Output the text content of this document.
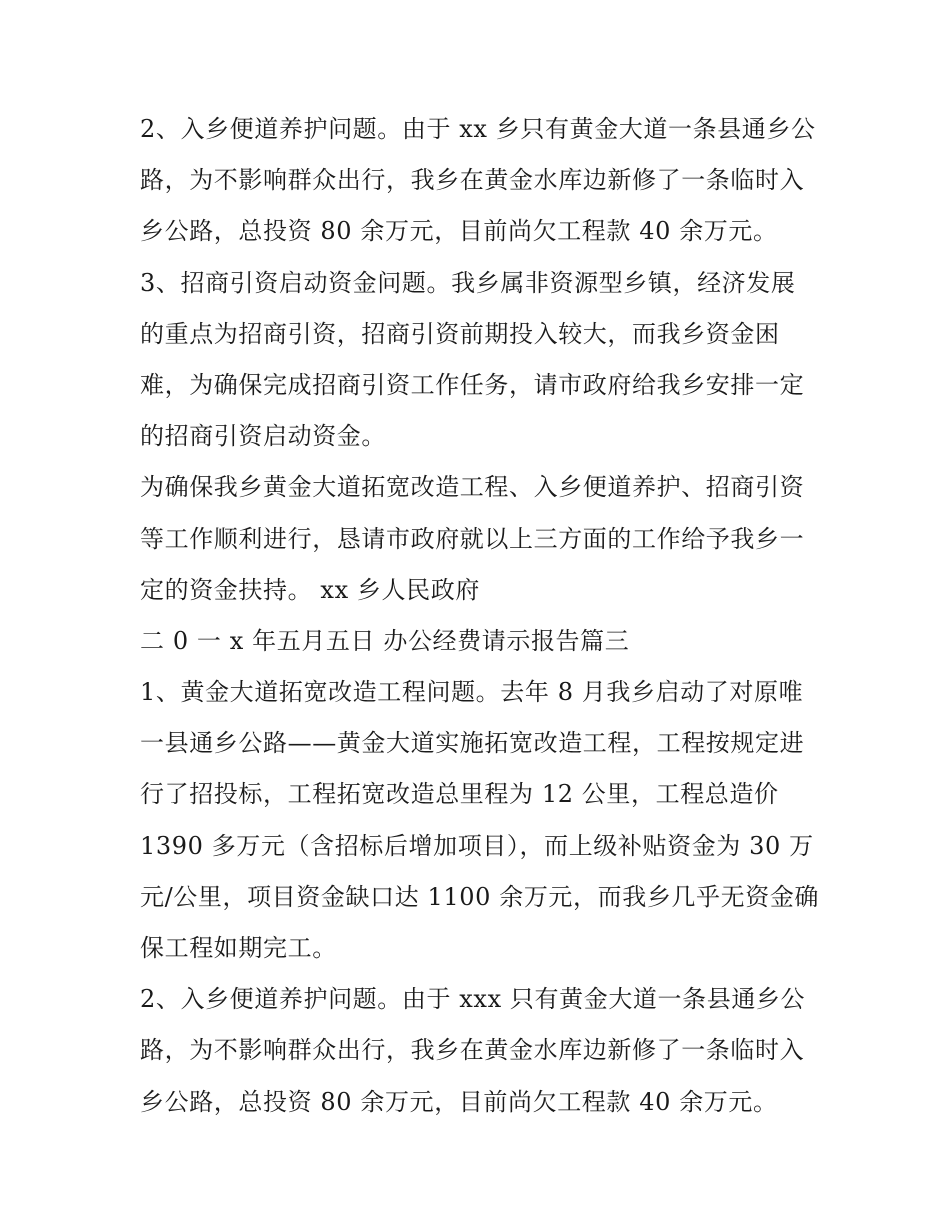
2、入乡便道养护问题。由于 xx 乡只有黄金大道一条县通乡公
路，为不影响群众出行，我乡在黄金水库边新修了一条临时入
乡公路，总投资 80 余万元，目前尚欠工程款 40 余万元。
3、招商引资启动资金问题。我乡属非资源型乡镇，经济发展
的重点为招商引资，招商引资前期投入较大，而我乡资金困
难，为确保完成招商引资工作任务，请市政府给我乡安排一定
的招商引资启动资金。
为确保我乡黄金大道拓宽改造工程、入乡便道养护、招商引资
等工作顺利进行，恳请市政府就以上三方面的工作给予我乡一
定的资金扶持。 xx 乡人民政府
二 0 一 x 年五月五日 办公经费请示报告篇三
1、黄金大道拓宽改造工程问题。去年 8 月我乡启动了对原唯
一县通乡公路——黄金大道实施拓宽改造工程，工程按规定进
行了招投标，工程拓宽改造总里程为 12 公里，工程总造价
1390 多万元（含招标后增加项目），而上级补贴资金为 30 万
元/公里，项目资金缺口达 1100 余万元，而我乡几乎无资金确
保工程如期完工。
2、入乡便道养护问题。由于 xxx 只有黄金大道一条县通乡公
路，为不影响群众出行，我乡在黄金水库边新修了一条临时入
乡公路，总投资 80 余万元，目前尚欠工程款 40 余万元。
